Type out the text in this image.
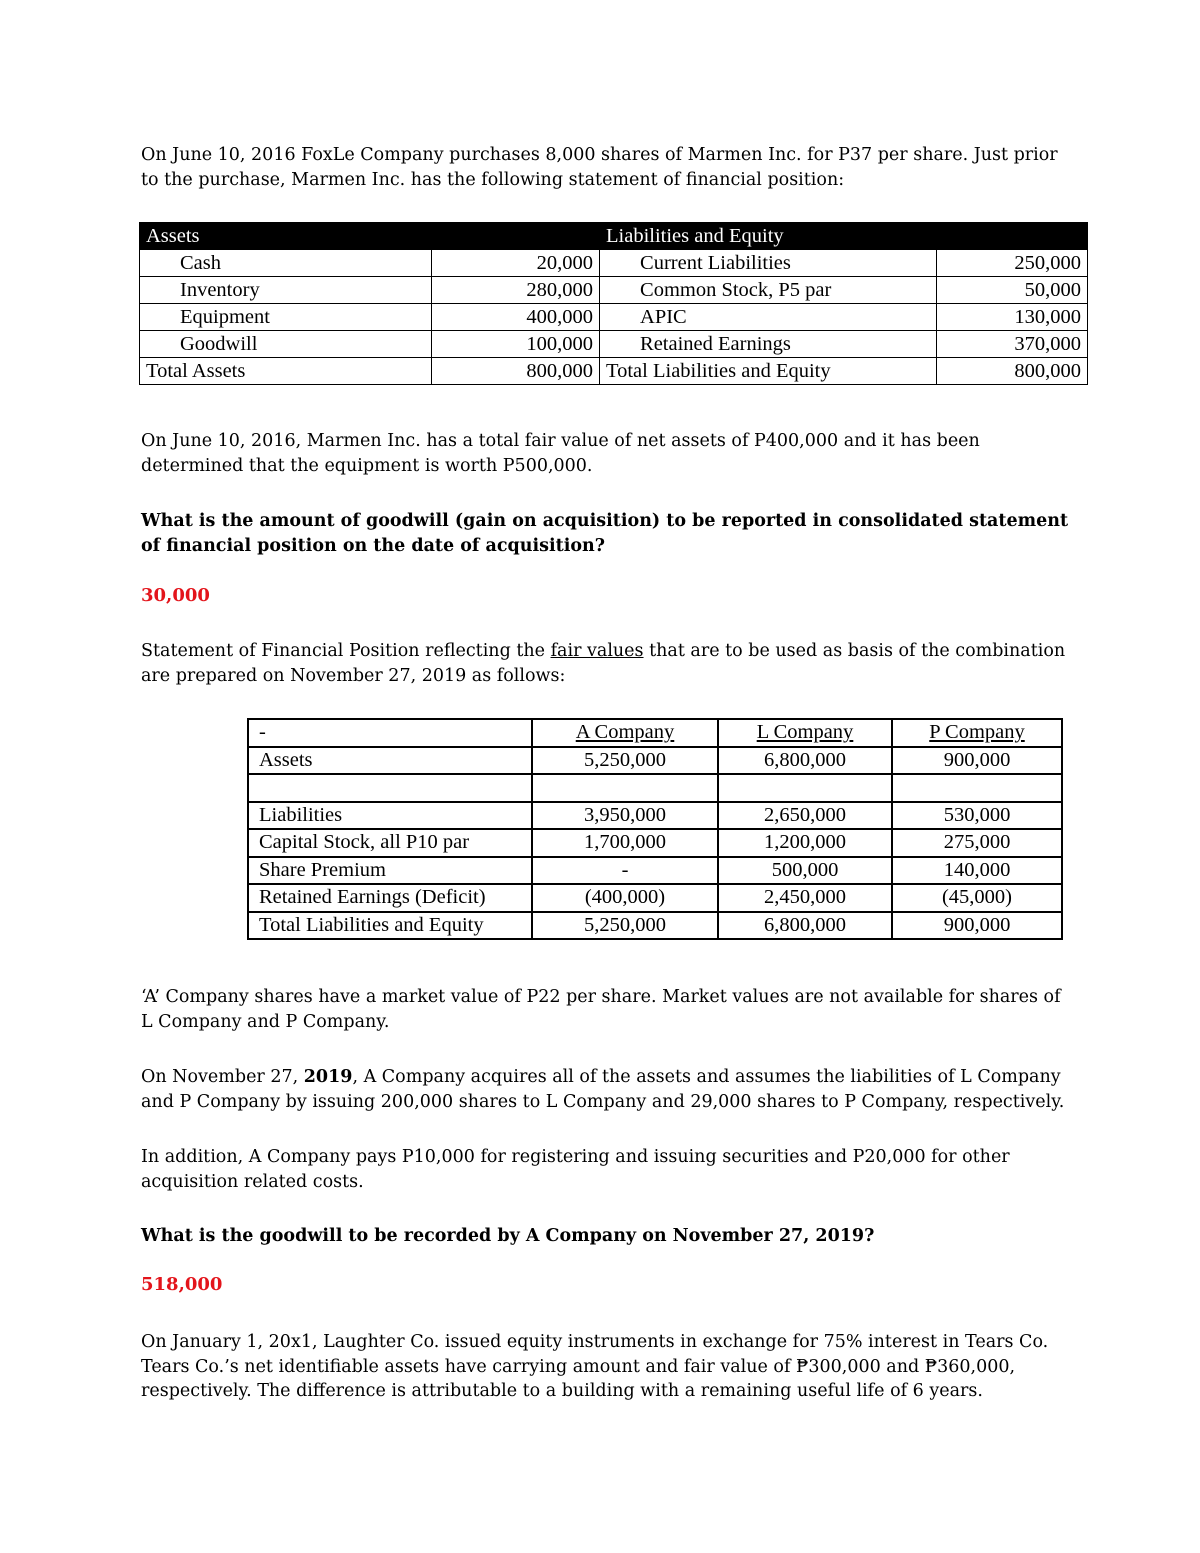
On June 10, 2016 FoxLe Company purchases 8,000 shares of Marmen Inc. for P37 per share. Just prior to the purchase, Marmen Inc. has the following statement of financial position:

Assets		Liabilities and Equity	
Cash	20,000	Current Liabilities	250,000
Inventory	280,000	Common Stock, P5 par	50,000
Equipment	400,000	APIC	130,000
Goodwill	100,000	Retained Earnings	370,000
Total Assets	800,000	Total Liabilities and Equity	800,000

On June 10, 2016, Marmen Inc. has a total fair value of net assets of P400,000 and it has been determined that the equipment is worth P500,000.

What is the amount of goodwill (gain on acquisition) to be reported in consolidated statement of financial position on the date of acquisition?

30,000

Statement of Financial Position reflecting the fair values that are to be used as basis of the combination are prepared on November 27, 2019 as follows:

-	A Company	L Company	P Company
Assets	5,250,000	6,800,000	900,000

Liabilities	3,950,000	2,650,000	530,000
Capital Stock, all P10 par	1,700,000	1,200,000	275,000
Share Premium	-	500,000	140,000
Retained Earnings (Deficit)	(400,000)	2,450,000	(45,000)
Total Liabilities and Equity	5,250,000	6,800,000	900,000

‘A’ Company shares have a market value of P22 per share. Market values are not available for shares of L Company and P Company.

On November 27, 2019, A Company acquires all of the assets and assumes the liabilities of L Company and P Company by issuing 200,000 shares to L Company and 29,000 shares to P Company, respectively.

In addition, A Company pays P10,000 for registering and issuing securities and P20,000 for other acquisition related costs.

What is the goodwill to be recorded by A Company on November 27, 2019?

518,000

On January 1, 20x1, Laughter Co. issued equity instruments in exchange for 75% interest in Tears Co. Tears Co.’s net identifiable assets have carrying amount and fair value of ₱300,000 and ₱360,000, respectively. The difference is attributable to a building with a remaining useful life of 6 years.
